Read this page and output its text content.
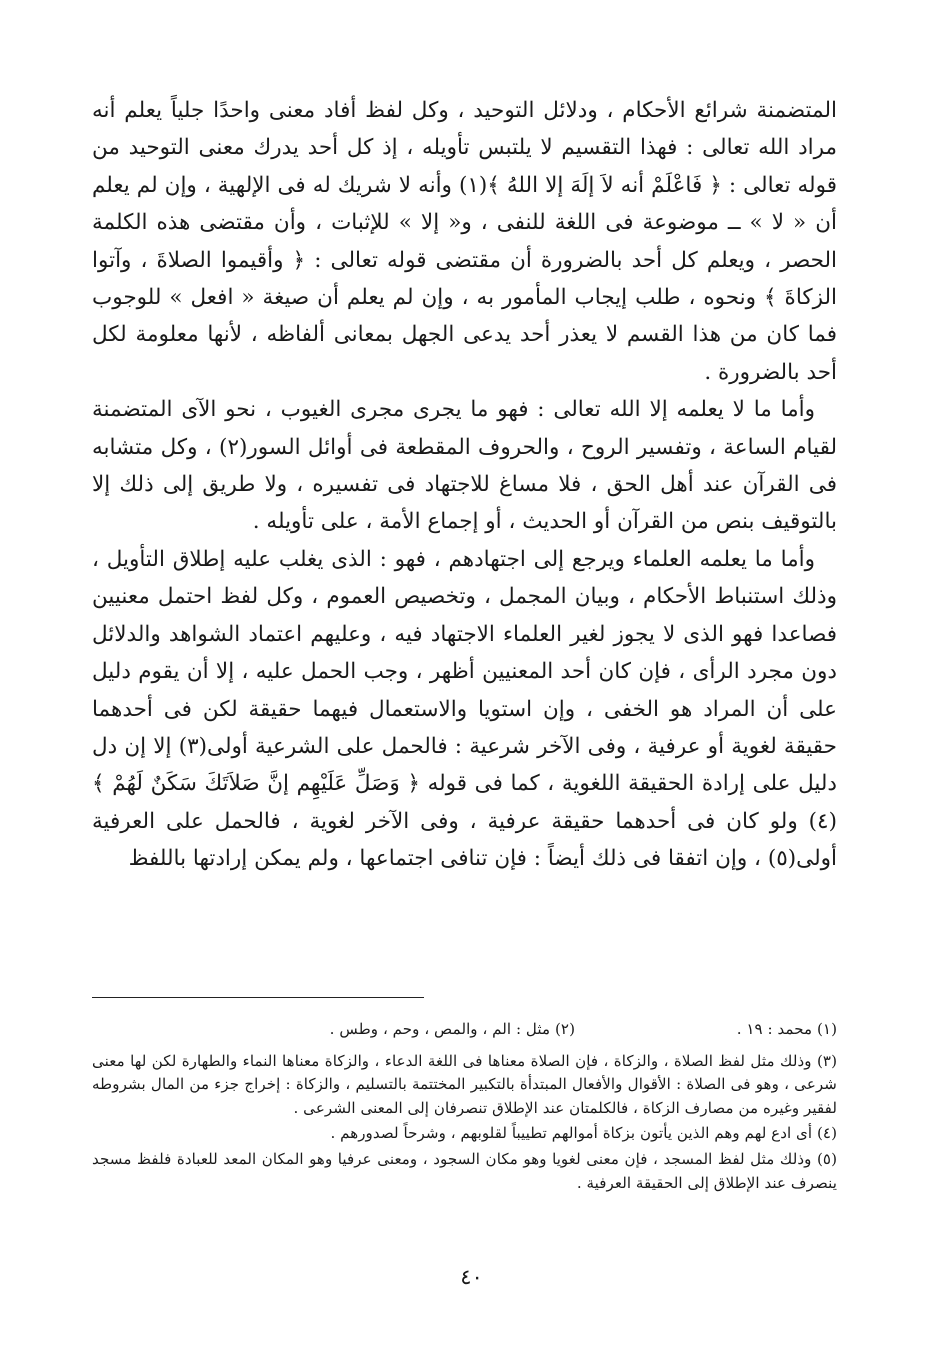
المتضمنة شرائع الأحكام ، ودلائل التوحيد ، وكل لفظ أفاد معنى واحدًا جلياً يعلم أنه مراد الله تعالى : فهذا التقسيم لا يلتبس تأويله ، إذ كل أحد يدرك معنى التوحيد من قوله تعالى : ﴿ فَاعْلَمْ أنه لاَ إلَهَ إلا اللهُ ﴾(١) وأنه لا شريك له فى الإلهية ، وإن لم يعلم أن « لا » ــ موضوعة فى اللغة للنفى ، و« إلا » للإثبات ، وأن مقتضى هذه الكلمة الحصر ، ويعلم كل أحد بالضرورة أن مقتضى قوله تعالى : ﴿ وأقيموا الصلاةَ ، وآتوا الزكاةَ ﴾ ونحوه ، طلب إيجاب المأمور به ، وإن لم يعلم أن صيغة « افعل » للوجوب فما كان من هذا القسم لا يعذر أحد يدعى الجهل بمعانى ألفاظه ، لأنها معلومة لكل أحد بالضرورة .

وأما ما لا يعلمه إلا الله تعالى : فهو ما يجرى مجرى الغيوب ، نحو الآى المتضمنة لقيام الساعة ، وتفسير الروح ، والحروف المقطعة فى أوائل السور(٢) ، وكل متشابه فى القرآن عند أهل الحق ، فلا مساغ للاجتهاد فى تفسيره ، ولا طريق إلى ذلك إلا بالتوقيف بنص من القرآن أو الحديث ، أو إجماع الأمة ، على تأويله .

وأما ما يعلمه العلماء ويرجع إلى اجتهادهم ، فهو : الذى يغلب عليه إطلاق التأويل ، وذلك استنباط الأحكام ، وبيان المجمل ، وتخصيص العموم ، وكل لفظ احتمل معنيين فصاعدا فهو الذى لا يجوز لغير العلماء الاجتهاد فيه ، وعليهم اعتماد الشواهد والدلائل دون مجرد الرأى ، فإن كان أحد المعنيين أظهر ، وجب الحمل عليه ، إلا أن يقوم دليل على أن المراد هو الخفى ، وإن استويا والاستعمال فيهما حقيقة لكن فى أحدهما حقيقة لغوية أو عرفية ، وفى الآخر شرعية : فالحمل على الشرعية أولى(٣) إلا إن دل دليل على إرادة الحقيقة اللغوية ، كما فى قوله ﴿ وَصَلِّ عَلَيْهِم إنَّ صَلاَتَكَ سَكَنٌ لَهُمْ ﴾(٤) ولو كان فى أحدهما حقيقة عرفية ، وفى الآخر لغوية ، فالحمل على العرفية أولى(٥) ، وإن اتفقا فى ذلك أيضاً : فإن تنافى اجتماعها ، ولم يمكن إرادتها باللفظ

(١) محمد : ١٩ .
(٢) مثل : الم ، والمص ، وحم ، وطس .

(٣) وذلك مثل لفظ الصلاة ، والزكاة ، فإن الصلاة معناها فى اللغة الدعاء ، والزكاة معناها النماء والطهارة لكن لها معنى شرعى ، وهو فى الصلاة : الأقوال والأفعال المبتدأة بالتكبير المختتمة بالتسليم ، والزكاة : إخراج جزء من المال بشروطه لفقير وغيره من مصارف الزكاة ، فالكلمتان عند الإطلاق تنصرفان إلى المعنى الشرعى .

(٤) أى ادع لهم وهم الذين يأتون بزكاة أموالهم تطييباً لقلوبهم ، وشرحاً لصدورهم .

(٥) وذلك مثل لفظ المسجد ، فإن معنى لغويا وهو مكان السجود ، ومعنى عرفيا وهو المكان المعد للعبادة فلفظ مسجد ينصرف عند الإطلاق إلى الحقيقة العرفية .

٤٠
